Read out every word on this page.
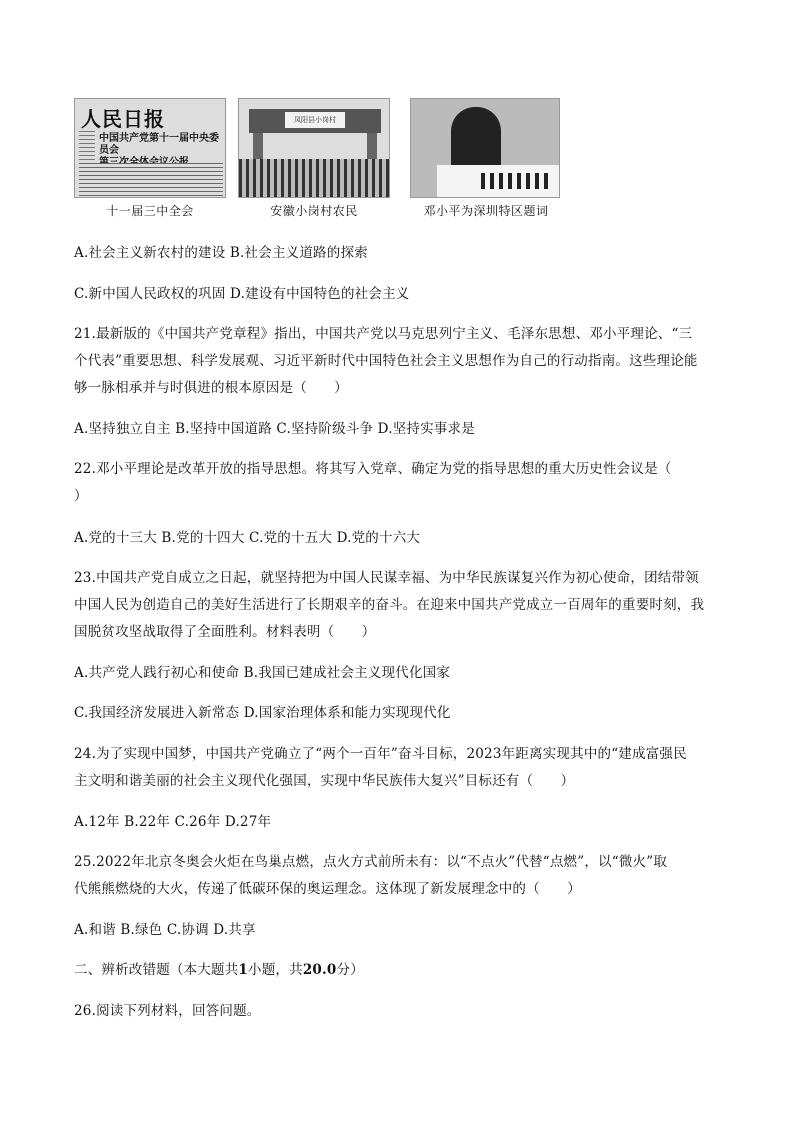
人民日报
中国共产党第十一届中央委员会
十一届三中全会
凤阳县小岗村
安徽小岗村农民	邓小平为深圳特区题词
A.社会主义新农村的建设 B.社会主义道路的探索
C.新中国人民政权的巩固 D.建设有中国特色的社会主义
21.最新版的《中国共产党章程》指出，中国共产党以马克思列宁主义、毛泽东思想、邓小平理论、“三
个代表”重要思想、科学发展观、习近平新时代中国特色社会主义思想作为自己的行动指南。这些理论能
够一脉相承并与时俱进的根本原因是（　　）
A.坚持独立自主 B.坚持中国道路 C.坚持阶级斗争 D.坚持实事求是
22.邓小平理论是改革开放的指导思想。将其写入党章、确定为党的指导思想的重大历史性会议是（
）
A.党的十三大 B.党的十四大 C.党的十五大 D.党的十六大
23.中国共产党自成立之日起，就坚持把为中国人民谋幸福、为中华民族谋复兴作为初心使命，团结带领
中国人民为创造自己的美好生活进行了长期艰辛的奋斗。在迎来中国共产党成立一百周年的重要时刻，我
国脱贫攻坚战取得了全面胜利。材料表明（　　）
A.共产党人践行初心和使命 B.我国已建成社会主义现代化国家
C.我国经济发展进入新常态 D.国家治理体系和能力实现现代化
24.为了实现中国梦，中国共产党确立了“两个一百年”奋斗目标，2023年距离实现其中的“建成富强民
主文明和谐美丽的社会主义现代化强国，实现中华民族伟大复兴”目标还有（　　）
A.12年 B.22年 C.26年 D.27年
25.2022年北京冬奥会火炬在鸟巢点燃，点火方式前所未有：以“不点火”代替“点燃”，以“微火”取
代熊熊燃烧的大火，传递了低碳环保的奥运理念。这体现了新发展理念中的（　　）
A.和谐 B.绿色 C.协调 D.共享
二、辨析改错题（本大题共1小题，共20.0分）
26.阅读下列材料，回答问题。
